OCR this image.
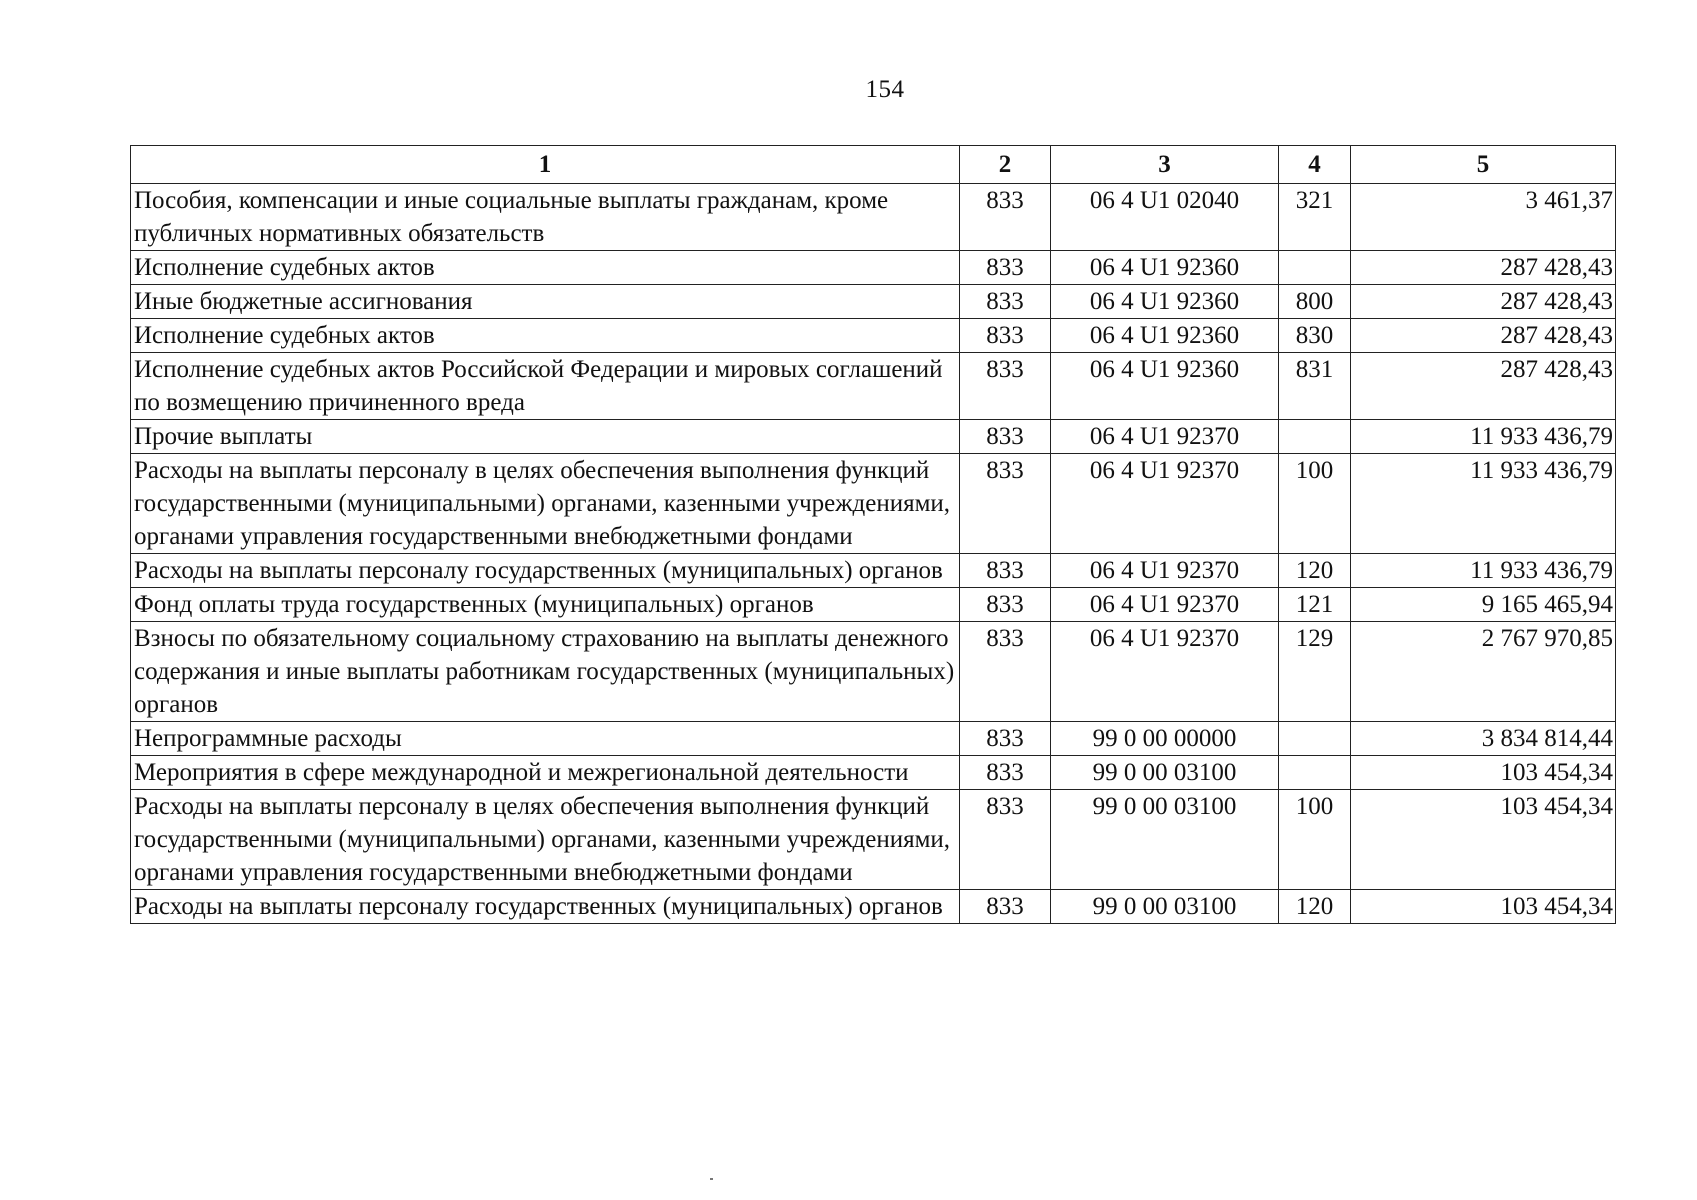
154
1	2	3	4	5
Пособия, компенсации и иные социальные выплаты гражданам, кроме публичных нормативных обязательств	833	06 4 U1 02040	321	3 461,37
Исполнение судебных актов	833	06 4 U1 92360		287 428,43
Иные бюджетные ассигнования	833	06 4 U1 92360	800	287 428,43
Исполнение судебных актов	833	06 4 U1 92360	830	287 428,43
Исполнение судебных актов Российской Федерации и мировых соглашений по возмещению причиненного вреда	833	06 4 U1 92360	831	287 428,43
Прочие выплаты	833	06 4 U1 92370		11 933 436,79
Расходы на выплаты персоналу в целях обеспечения выполнения функций государственными (муниципальными) органами, казенными учреждениями, органами управления государственными внебюджетными фондами	833	06 4 U1 92370	100	11 933 436,79
Расходы на выплаты персоналу государственных (муниципальных) органов	833	06 4 U1 92370	120	11 933 436,79
Фонд оплаты труда государственных (муниципальных) органов	833	06 4 U1 92370	121	9 165 465,94
Взносы по обязательному социальному страхованию на выплаты денежного содержания и иные выплаты работникам государственных (муниципальных) органов	833	06 4 U1 92370	129	2 767 970,85
Непрограммные расходы	833	99 0 00 00000		3 834 814,44
Мероприятия в сфере международной и межрегиональной деятельности	833	99 0 00 03100		103 454,34
Расходы на выплаты персоналу в целях обеспечения выполнения функций государственными (муниципальными) органами, казенными учреждениями, органами управления государственными внебюджетными фондами	833	99 0 00 03100	100	103 454,34
Расходы на выплаты персоналу государственных (муниципальных) органов	833	99 0 00 03100	120	103 454,34
